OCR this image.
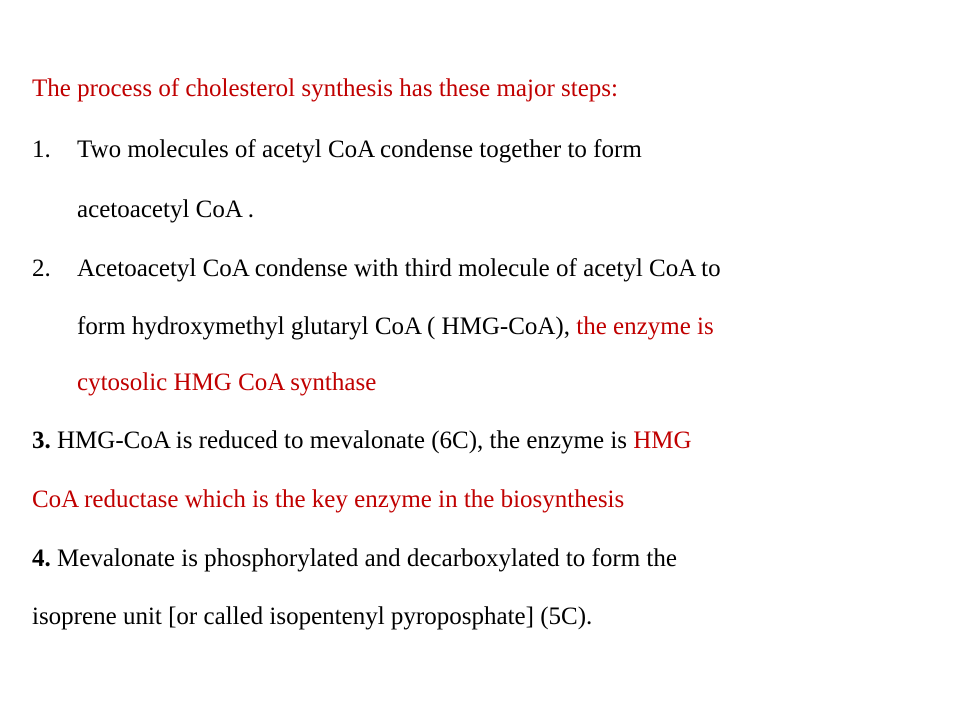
The process of cholesterol synthesis has these major steps:
1. Two molecules of acetyl CoA condense together to form
acetoacetyl CoA .
2. Acetoacetyl CoA condense with third molecule of acetyl CoA to
form hydroxymethyl glutaryl CoA ( HMG-CoA), the enzyme is
cytosolic HMG CoA synthase
3. HMG-CoA is reduced to mevalonate (6C), the enzyme is HMG
CoA reductase which is the key enzyme in the biosynthesis
4. Mevalonate is phosphorylated and decarboxylated to form the
isoprene unit [or called isopentenyl pyroposphate] (5C).
